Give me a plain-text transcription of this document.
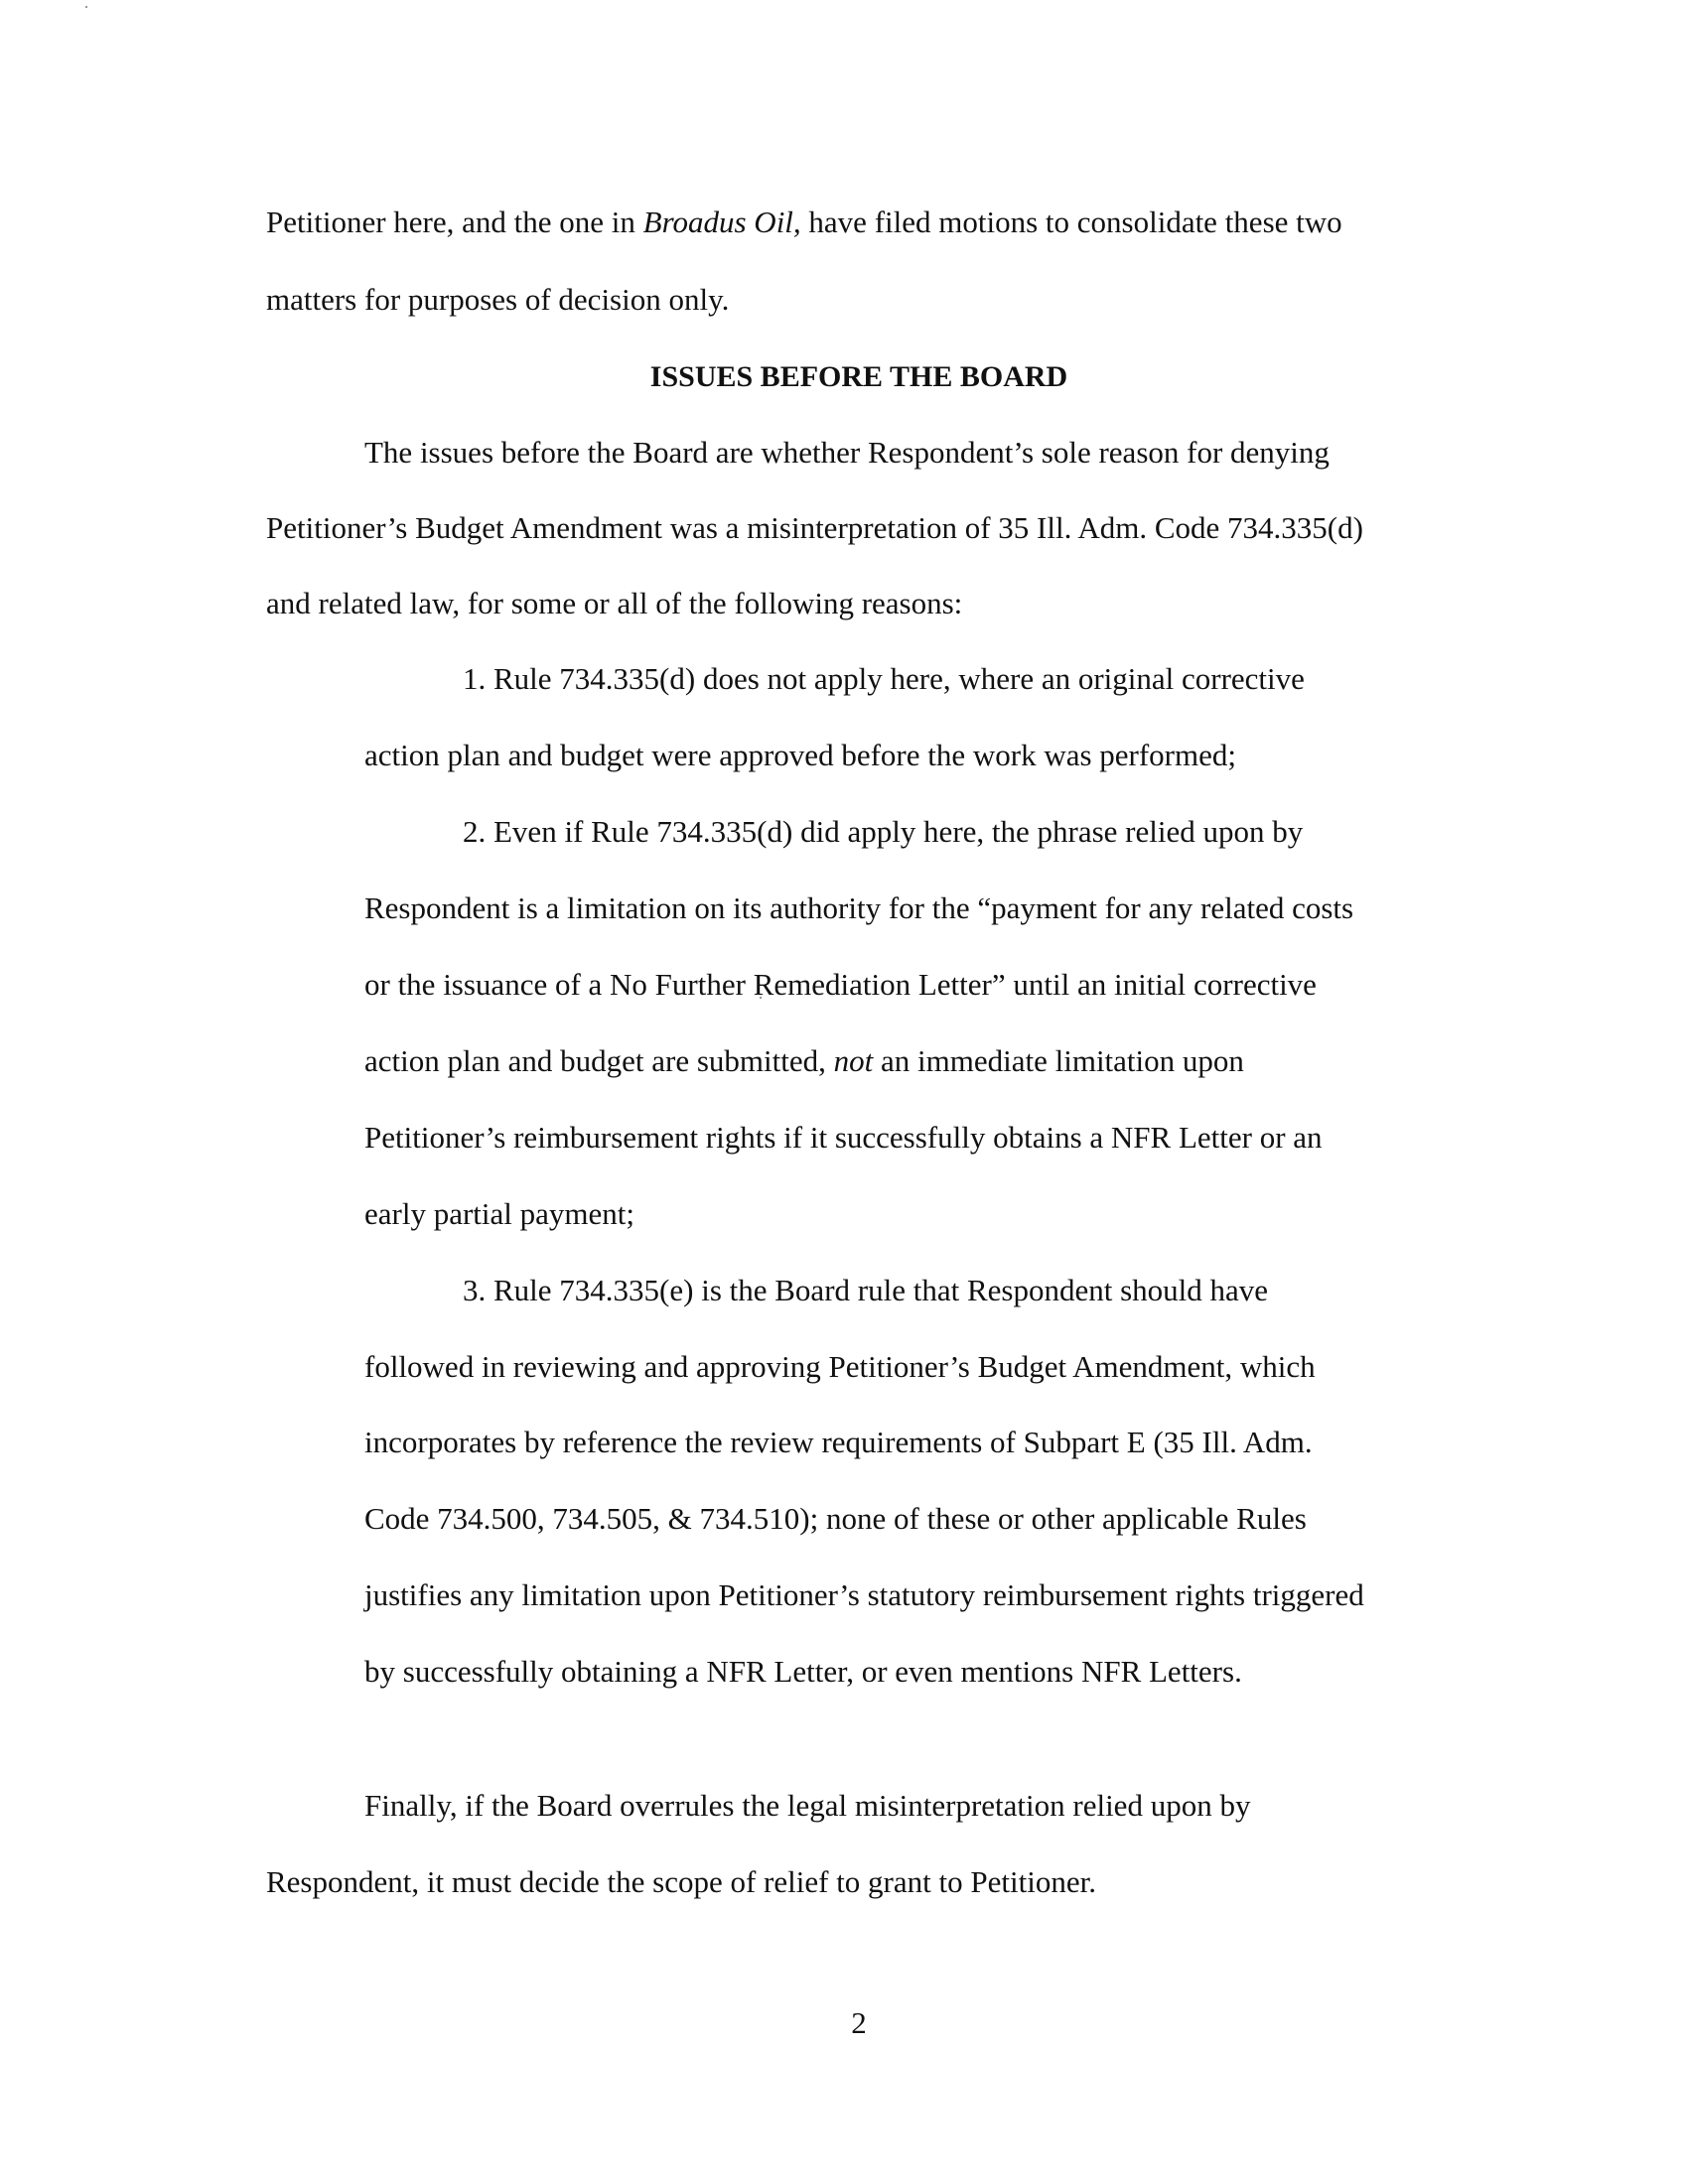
Petitioner here, and the one in Broadus Oil, have filed motions to consolidate these two
matters for purposes of decision only.
ISSUES BEFORE THE BOARD
The issues before the Board are whether Respondent’s sole reason for denying
Petitioner’s Budget Amendment was a misinterpretation of 35 Ill. Adm. Code 734.335(d)
and related law, for some or all of the following reasons:
1. Rule 734.335(d) does not apply here, where an original corrective
action plan and budget were approved before the work was performed;
2. Even if Rule 734.335(d) did apply here, the phrase relied upon by
Respondent is a limitation on its authority for the “payment for any related costs
or the issuance of a No Further Remediation Letter” until an initial corrective
action plan and budget are submitted, not an immediate limitation upon
Petitioner’s reimbursement rights if it successfully obtains a NFR Letter or an
early partial payment;
3. Rule 734.335(e) is the Board rule that Respondent should have
followed in reviewing and approving Petitioner’s Budget Amendment, which
incorporates by reference the review requirements of Subpart E (35 Ill. Adm.
Code 734.500, 734.505, & 734.510); none of these or other applicable Rules
justifies any limitation upon Petitioner’s statutory reimbursement rights triggered
by successfully obtaining a NFR Letter, or even mentions NFR Letters.
Finally, if the Board overrules the legal misinterpretation relied upon by
Respondent, it must decide the scope of relief to grant to Petitioner.
2
